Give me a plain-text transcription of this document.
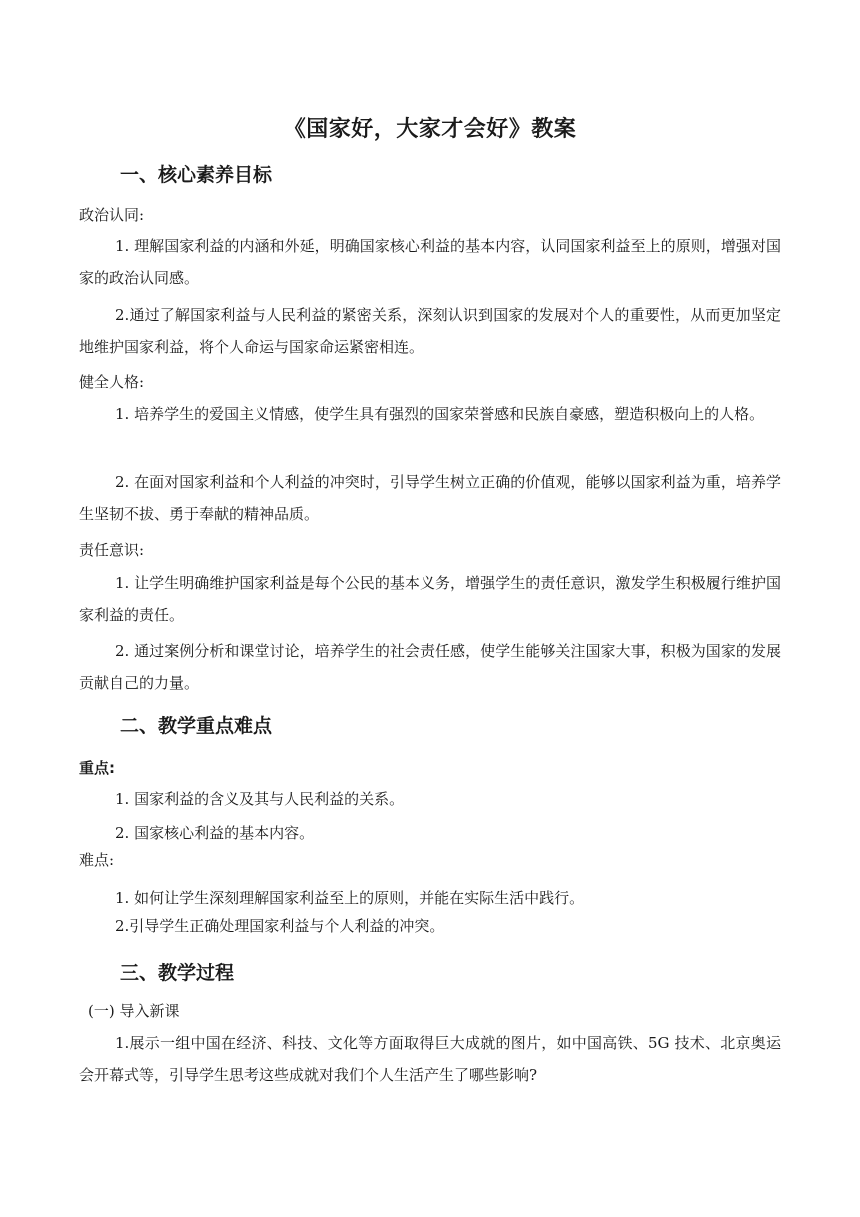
《国家好，大家才会好》教案
一、核心素养目标
政治认同:
1. 理解国家利益的内涵和外延，明确国家核心利益的基本内容，认同国家利益至上的原则，增强对国家的政治认同感。
2.通过了解国家利益与人民利益的紧密关系，深刻认识到国家的发展对个人的重要性，从而更加坚定地维护国家利益，将个人命运与国家命运紧密相连。
健全人格:
1. 培养学生的爱国主义情感，使学生具有强烈的国家荣誉感和民族自豪感，塑造积极向上的人格。
2. 在面对国家利益和个人利益的冲突时，引导学生树立正确的价值观，能够以国家利益为重，培养学生坚韧不拔、勇于奉献的精神品质。
责任意识:
1. 让学生明确维护国家利益是每个公民的基本义务，增强学生的责任意识，激发学生积极履行维护国家利益的责任。
2. 通过案例分析和课堂讨论，培养学生的社会责任感，使学生能够关注国家大事，积极为国家的发展贡献自己的力量。
二、教学重点难点
重点:
1. 国家利益的含义及其与人民利益的关系。
2. 国家核心利益的基本内容。
难点:
1. 如何让学生深刻理解国家利益至上的原则，并能在实际生活中践行。
2.引导学生正确处理国家利益与个人利益的冲突。
三、教学过程
(一) 导入新课
1.展示一组中国在经济、科技、文化等方面取得巨大成就的图片，如中国高铁、5G 技术、北京奥运会开幕式等，引导学生思考这些成就对我们个人生活产生了哪些影响?
